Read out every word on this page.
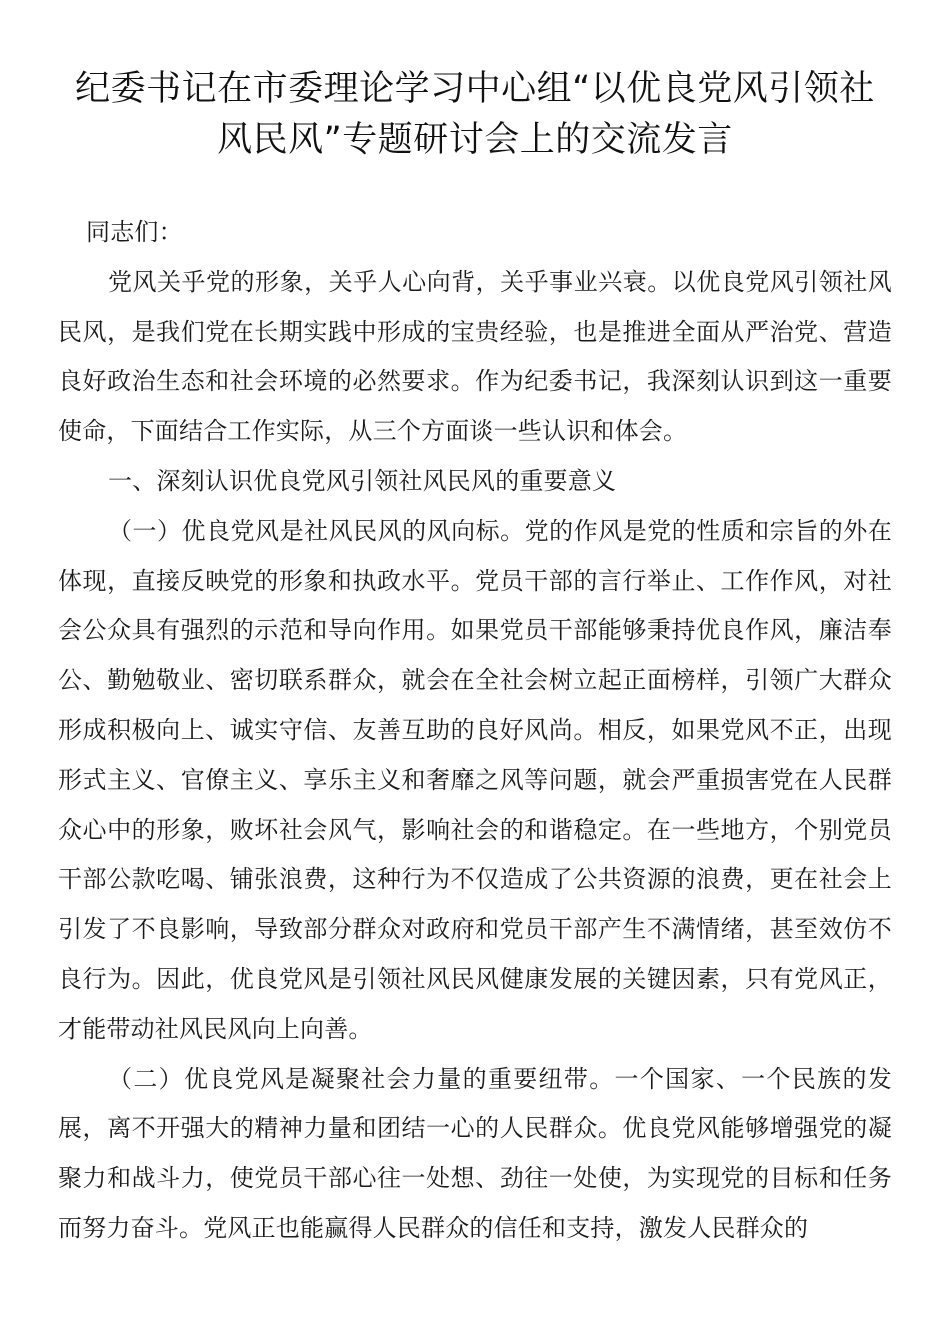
纪委书记在市委理论学习中心组“以优良党风引领社风民风”专题研讨会上的交流发言

同志们：

党风关乎党的形象，关乎人心向背，关乎事业兴衰。以优良党风引领社风民风，是我们党在长期实践中形成的宝贵经验，也是推进全面从严治党、营造良好政治生态和社会环境的必然要求。作为纪委书记，我深刻认识到这一重要使命，下面结合工作实际，从三个方面谈一些认识和体会。

一、深刻认识优良党风引领社风民风的重要意义

（一）优良党风是社风民风的风向标。党的作风是党的性质和宗旨的外在体现，直接反映党的形象和执政水平。党员干部的言行举止、工作作风，对社会公众具有强烈的示范和导向作用。如果党员干部能够秉持优良作风，廉洁奉公、勤勉敬业、密切联系群众，就会在全社会树立起正面榜样，引领广大群众形成积极向上、诚实守信、友善互助的良好风尚。相反，如果党风不正，出现形式主义、官僚主义、享乐主义和奢靡之风等问题，就会严重损害党在人民群众心中的形象，败坏社会风气，影响社会的和谐稳定。在一些地方，个别党员干部公款吃喝、铺张浪费，这种行为不仅造成了公共资源的浪费，更在社会上引发了不良影响，导致部分群众对政府和党员干部产生不满情绪，甚至效仿不良行为。因此，优良党风是引领社风民风健康发展的关键因素，只有党风正，才能带动社风民风向上向善。

（二）优良党风是凝聚社会力量的重要纽带。一个国家、一个民族的发展，离不开强大的精神力量和团结一心的人民群众。优良党风能够增强党的凝聚力和战斗力，使党员干部心往一处想、劲往一处使，为实现党的目标和任务而努力奋斗。党风正也能赢得人民群众的信任和支持，激发人民群众的
